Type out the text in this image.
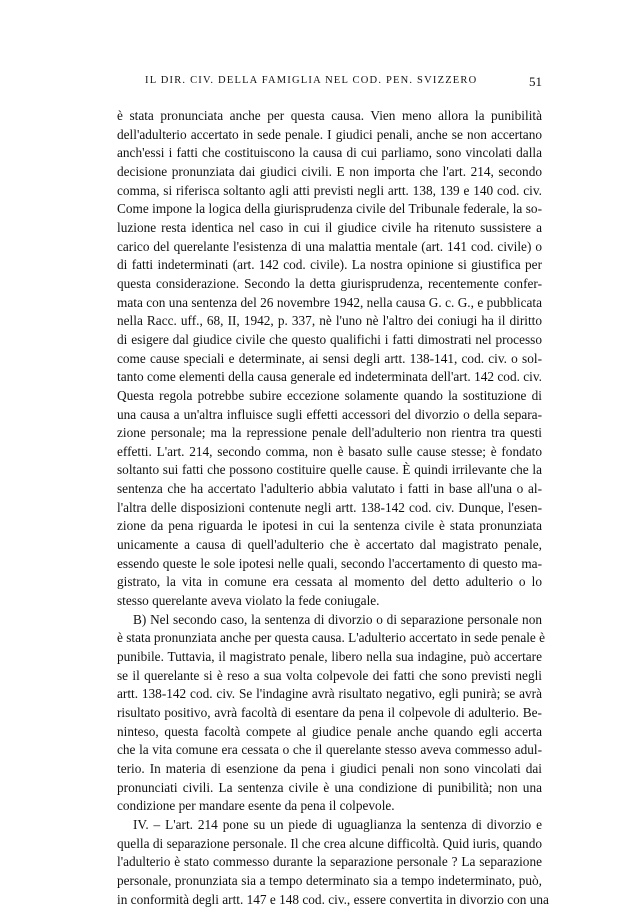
IL DIR. CIV. DELLA FAMIGLIA NEL COD. PEN. SVIZZERO	51
è stata pronunciata anche per questa causa. Vien meno allora la punibilità
dell'adulterio accertato in sede penale. I giudici penali, anche se non accertano
anch'essi i fatti che costituiscono la causa di cui parliamo, sono vincolati dalla
decisione pronunziata dai giudici civili. E non importa che l'art. 214, secondo
comma, si riferisca soltanto agli atti previsti negli artt. 138, 139 e 140 cod. civ.
Come impone la logica della giurisprudenza civile del Tribunale federale, la so-
luzione resta identica nel caso in cui il giudice civile ha ritenuto sussistere a
carico del querelante l'esistenza di una malattia mentale (art. 141 cod. civile) o
di fatti indeterminati (art. 142 cod. civile). La nostra opinione si giustifica per
questa considerazione. Secondo la detta giurisprudenza, recentemente confer-
mata con una sentenza del 26 novembre 1942, nella causa G. c. G., e pubblicata
nella Racc. uff., 68, II, 1942, p. 337, nè l'uno nè l'altro dei coniugi ha il diritto
di esigere dal giudice civile che questo qualifichi i fatti dimostrati nel processo
come cause speciali e determinate, ai sensi degli artt. 138-141, cod. civ. o sol-
tanto come elementi della causa generale ed indeterminata dell'art. 142 cod. civ.
Questa regola potrebbe subire eccezione solamente quando la sostituzione di
una causa a un'altra influisce sugli effetti accessori del divorzio o della separa-
zione personale; ma la repressione penale dell'adulterio non rientra tra questi
effetti. L'art. 214, secondo comma, non è basato sulle cause stesse; è fondato
soltanto sui fatti che possono costituire quelle cause. È quindi irrilevante che la
sentenza che ha accertato l'adulterio abbia valutato i fatti in base all'una o al-
l'altra delle disposizioni contenute negli artt. 138-142 cod. civ. Dunque, l'esen-
zione da pena riguarda le ipotesi in cui la sentenza civile è stata pronunziata
unicamente a causa di quell'adulterio che è accertato dal magistrato penale,
essendo queste le sole ipotesi nelle quali, secondo l'accertamento di questo ma-
gistrato, la vita in comune era cessata al momento del detto adulterio o lo
stesso querelante aveva violato la fede coniugale.
B) Nel secondo caso, la sentenza di divorzio o di separazione personale non
è stata pronunziata anche per questa causa. L'adulterio accertato in sede penale è
punibile. Tuttavia, il magistrato penale, libero nella sua indagine, può accertare
se il querelante si è reso a sua volta colpevole dei fatti che sono previsti negli
artt. 138-142 cod. civ. Se l'indagine avrà risultato negativo, egli punirà; se avrà
risultato positivo, avrà facoltà di esentare da pena il colpevole di adulterio. Be-
ninteso, questa facoltà compete al giudice penale anche quando egli accerta
che la vita comune era cessata o che il querelante stesso aveva commesso adul-
terio. In materia di esenzione da pena i giudici penali non sono vincolati dai
pronunciati civili. La sentenza civile è una condizione di punibilità; non una
condizione per mandare esente da pena il colpevole.
IV. – L'art. 214 pone su un piede di uguaglianza la sentenza di divorzio e
quella di separazione personale. Il che crea alcune difficoltà. Quid iuris, quando
l'adulterio è stato commesso durante la separazione personale ? La separazione
personale, pronunziata sia a tempo determinato sia a tempo indeterminato, può,
in conformità degli artt. 147 e 148 cod. civ., essere convertita in divorzio con una
